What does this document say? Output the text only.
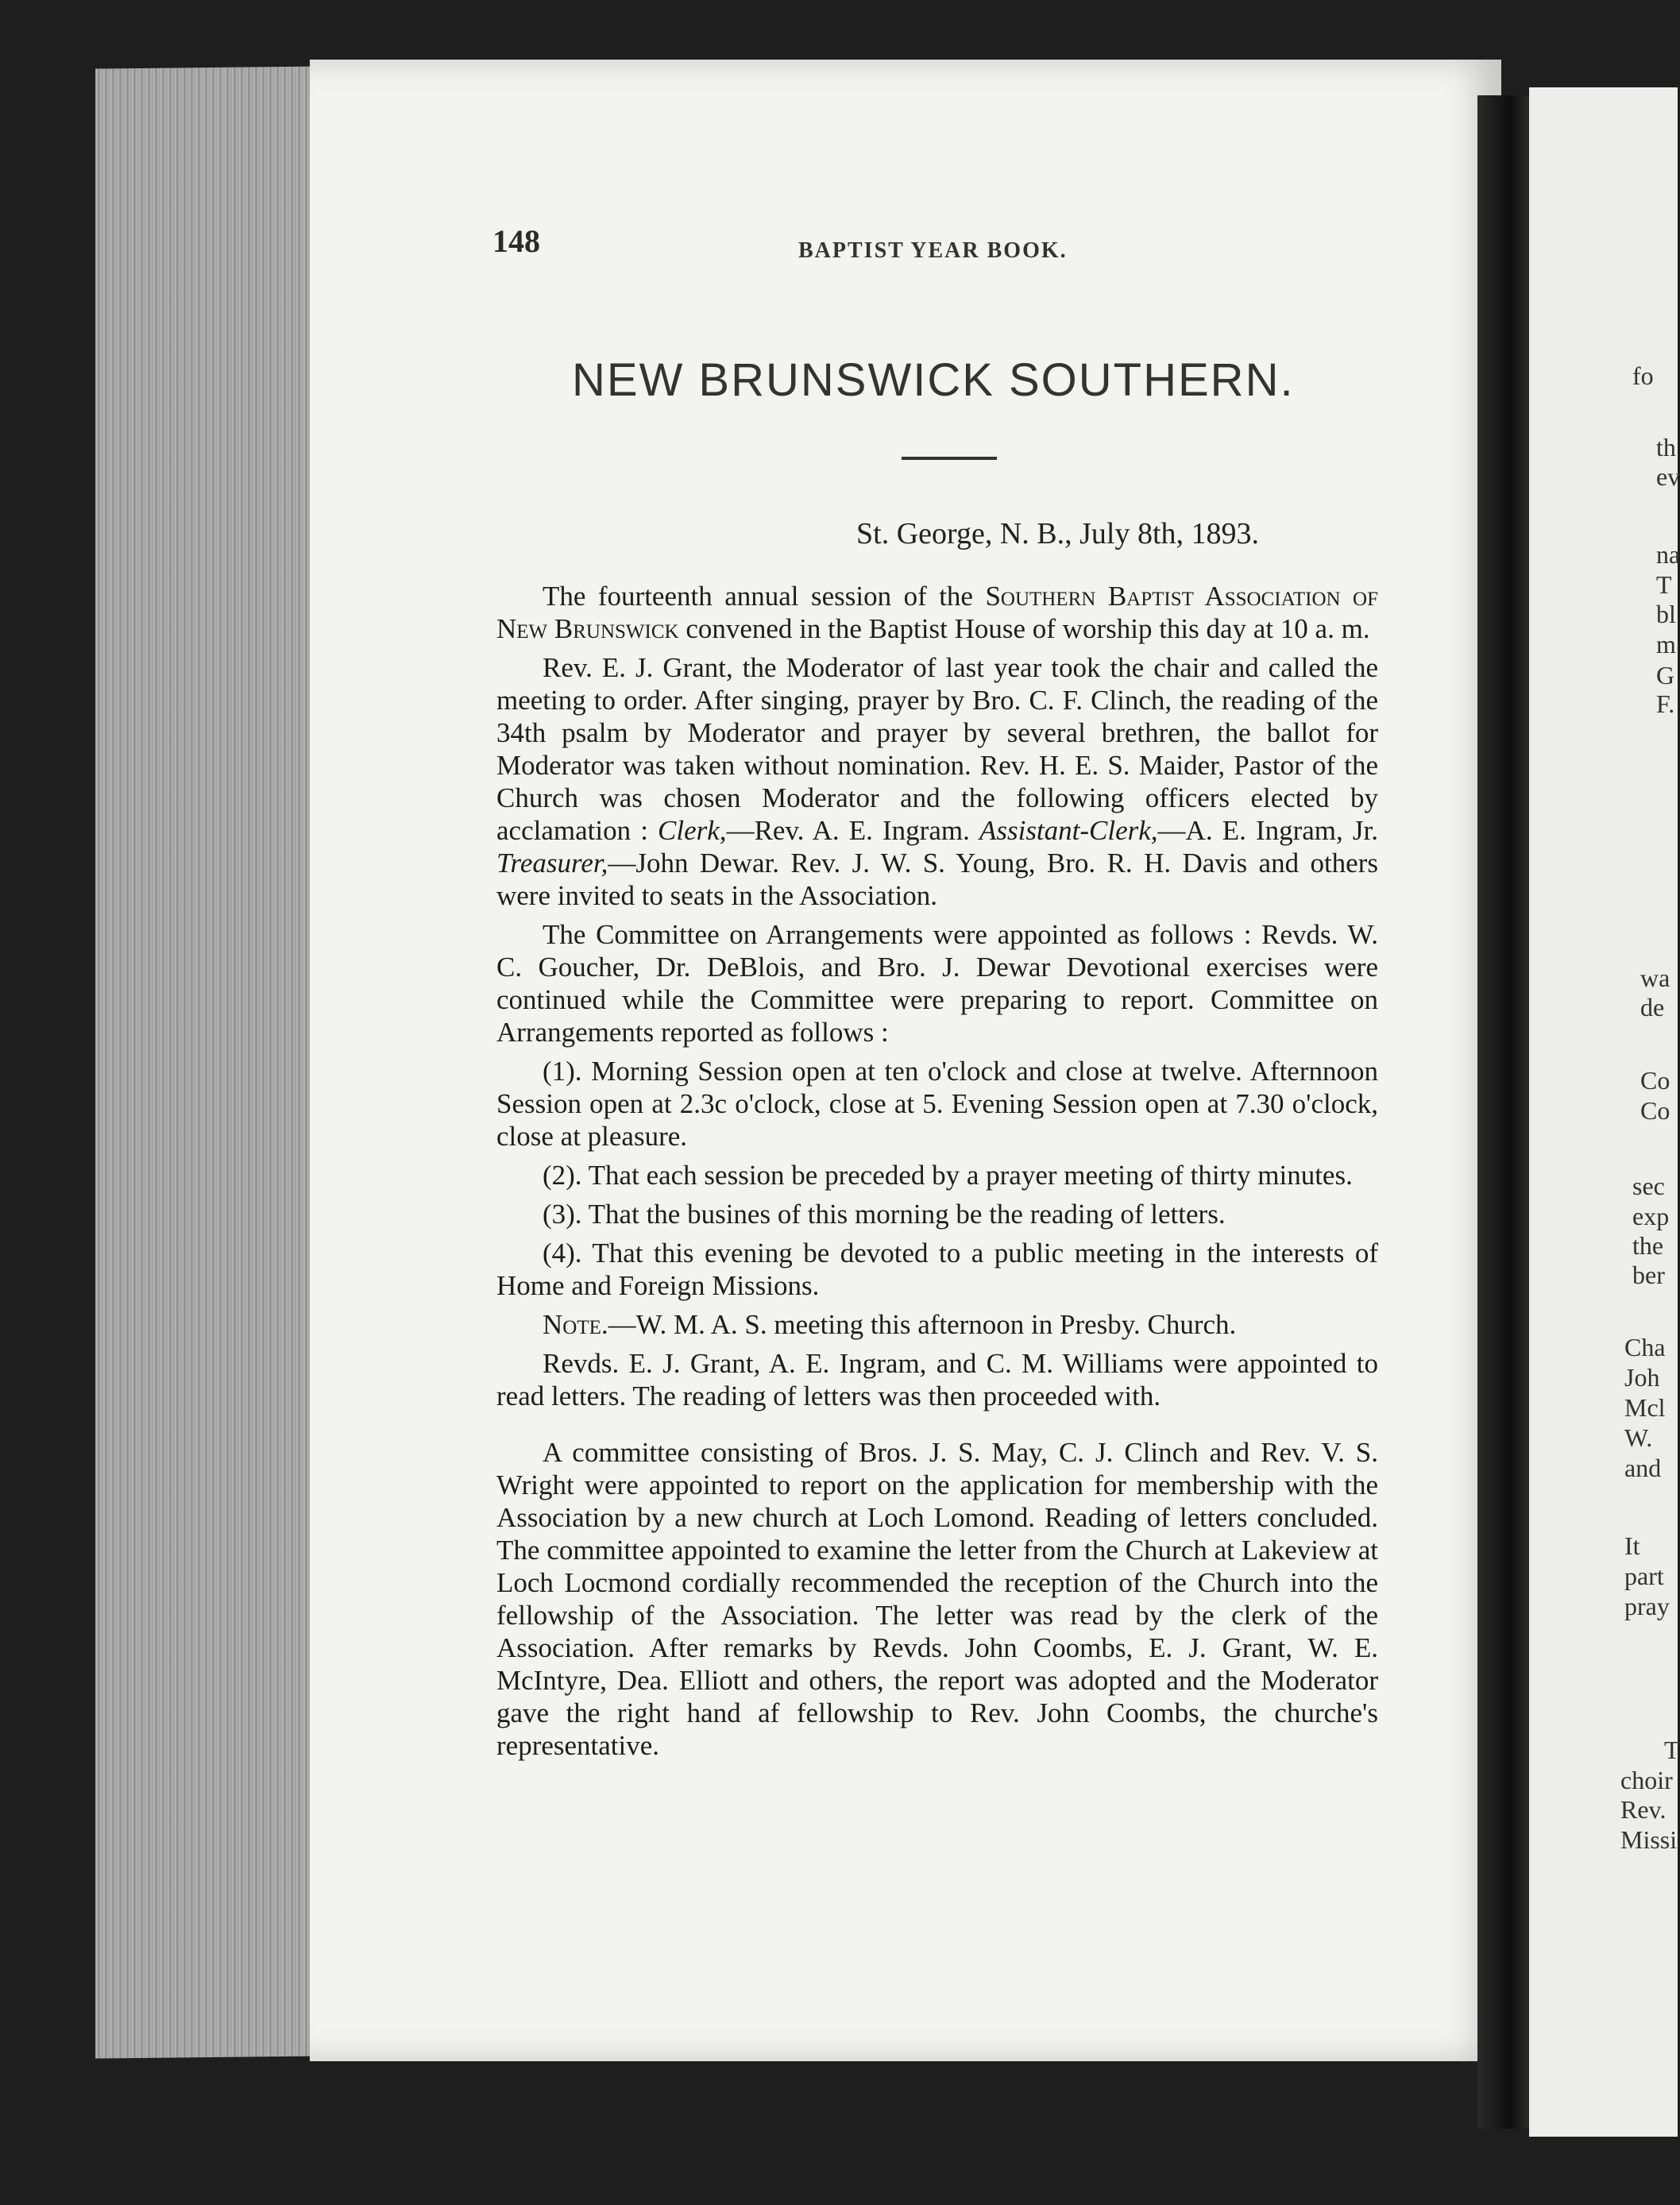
fo
th
ev
na
T
bl
m
G
F.
wa
de
Co
Co
sec
exp
the
ber
Cha
Joh
Mcl
W.
and
It
part
pray
T
choir
Rev.
Missi
148	BAPTIST YEAR BOOK.
NEW BRUNSWICK SOUTHERN.
St. George, N. B., July 8th, 1893.

The fourteenth annual session of the Southern Baptist Association of New Brunswick convened in the Baptist House of worship this day at 10 a. m.

Rev. E. J. Grant, the Moderator of last year took the chair and called the meeting to order. After singing, prayer by Bro. C. F. Clinch, the reading of the 34th psalm by Moderator and prayer by several brethren, the ballot for Moderator was taken without nomination. Rev. H. E. S. Maider, Pastor of the Church was chosen Moderator and the following officers elected by acclamation : Clerk,—Rev. A. E. Ingram. Assistant-Clerk,—A. E. Ingram, Jr. Treasurer,—John Dewar. Rev. J. W. S. Young, Bro. R. H. Davis and others were invited to seats in the Association.

The Committee on Arrangements were appointed as follows : Revds. W. C. Goucher, Dr. DeBlois, and Bro. J. Dewar Devotional exercises were continued while the Committee were preparing to report. Committee on Arrangements reported as follows :

(1). Morning Session open at ten o'clock and close at twelve. Afternnoon Session open at 2.3c o'clock, close at 5. Evening Session open at 7.30 o'clock, close at pleasure.

(2). That each session be preceded by a prayer meeting of thirty minutes.

(3). That the busines of this morning be the reading of letters.

(4). That this evening be devoted to a public meeting in the interests of Home and Foreign Missions.

Note.—W. M. A. S. meeting this afternoon in Presby. Church.

Revds. E. J. Grant, A. E. Ingram, and C. M. Williams were appointed to read letters. The reading of letters was then proceeded with.

A committee consisting of Bros. J. S. May, C. J. Clinch and Rev. V. S. Wright were appointed to report on the application for membership with the Association by a new church at Loch Lomond. Reading of letters concluded. The committee appointed to examine the letter from the Church at Lakeview at Loch Locmond cordially recommended the reception of the Church into the fellowship of the Association. The letter was read by the clerk of the Association. After remarks by Revds. John Coombs, E. J. Grant, W. E. McIntyre, Dea. Elliott and others, the report was adopted and the Moderator gave the right hand af fellowship to Rev. John Coombs, the churche's representative.
